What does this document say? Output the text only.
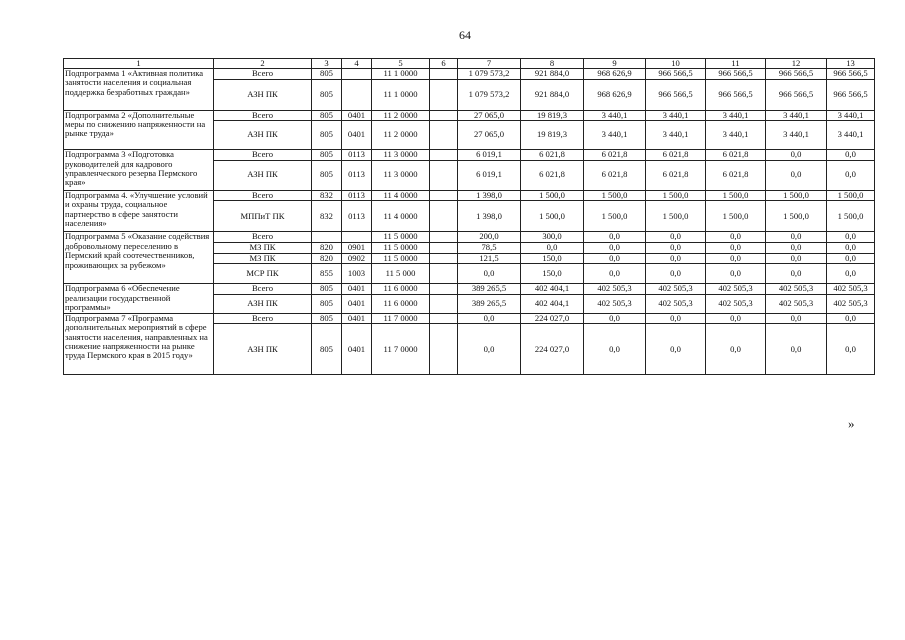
64
1	2	3	4	5	6	7	8	9	10	11	12	13
Подпрограмма 1 «Активная политика занятости населения и социальная поддержка безработных граждан»	Всего	805		11 1 0000		1 079 573,2	921 884,0	968 626,9	966 566,5	966 566,5	966 566,5	966 566,5
	АЗН ПК	805		11 1 0000		1 079 573,2	921 884,0	968 626,9	966 566,5	966 566,5	966 566,5	966 566,5
Подпрограмма 2 «Дополнительные меры по снижению напряженности на рынке труда»	Всего	805	0401	11 2 0000		27 065,0	19 819,3	3 440,1	3 440,1	3 440,1	3 440,1	3 440,1
	АЗН ПК	805	0401	11 2 0000		27 065,0	19 819,3	3 440,1	3 440,1	3 440,1	3 440,1	3 440,1
Подпрограмма 3 «Подготовка руководителей для кадрового управленческого резерва Пермского края»	Всего	805	0113	11 3 0000		6 019,1	6 021,8	6 021,8	6 021,8	6 021,8	0,0	0,0
	АЗН ПК	805	0113	11 3 0000		6 019,1	6 021,8	6 021,8	6 021,8	6 021,8	0,0	0,0
Подпрограмма 4. «Улучшение условий и охраны труда, социальное партнерство в сфере занятости населения»	Всего	832	0113	11 4 0000		1 398,0	1 500,0	1 500,0	1 500,0	1 500,0	1 500,0	1 500,0
	МППиТ ПК	832	0113	11 4 0000		1 398,0	1 500,0	1 500,0	1 500,0	1 500,0	1 500,0	1 500,0
Подпрограмма 5 «Оказание содействия добровольному переселению в Пермский край соотечественников, проживающих за рубежом»	Всего			11 5 0000		200,0	300,0	0,0	0,0	0,0	0,0	0,0
	МЗ ПК	820	0901	11 5 0000		78,5	0,0	0,0	0,0	0,0	0,0	0,0
	МЗ ПК	820	0902	11 5 0000		121,5	150,0	0,0	0,0	0,0	0,0	0,0
	МСР ПК	855	1003	11 5 000		0,0	150,0	0,0	0,0	0,0	0,0	0,0
Подпрограмма 6 «Обеспечение реализации государственной программы»	Всего	805	0401	11 6 0000		389 265,5	402 404,1	402 505,3	402 505,3	402 505,3	402 505,3	402 505,3
	АЗН ПК	805	0401	11 6 0000		389 265,5	402 404,1	402 505,3	402 505,3	402 505,3	402 505,3	402 505,3
Подпрограмма 7 «Программа дополнительных мероприятий в сфере занятости населения, направленных на снижение напряженности на рынке труда Пермского края в 2015 году»	Всего	805	0401	11 7 0000		0,0	224 027,0	0,0	0,0	0,0	0,0	0,0
	АЗН ПК	805	0401	11 7 0000		0,0	224 027,0	0,0	0,0	0,0	0,0	0,0
»
